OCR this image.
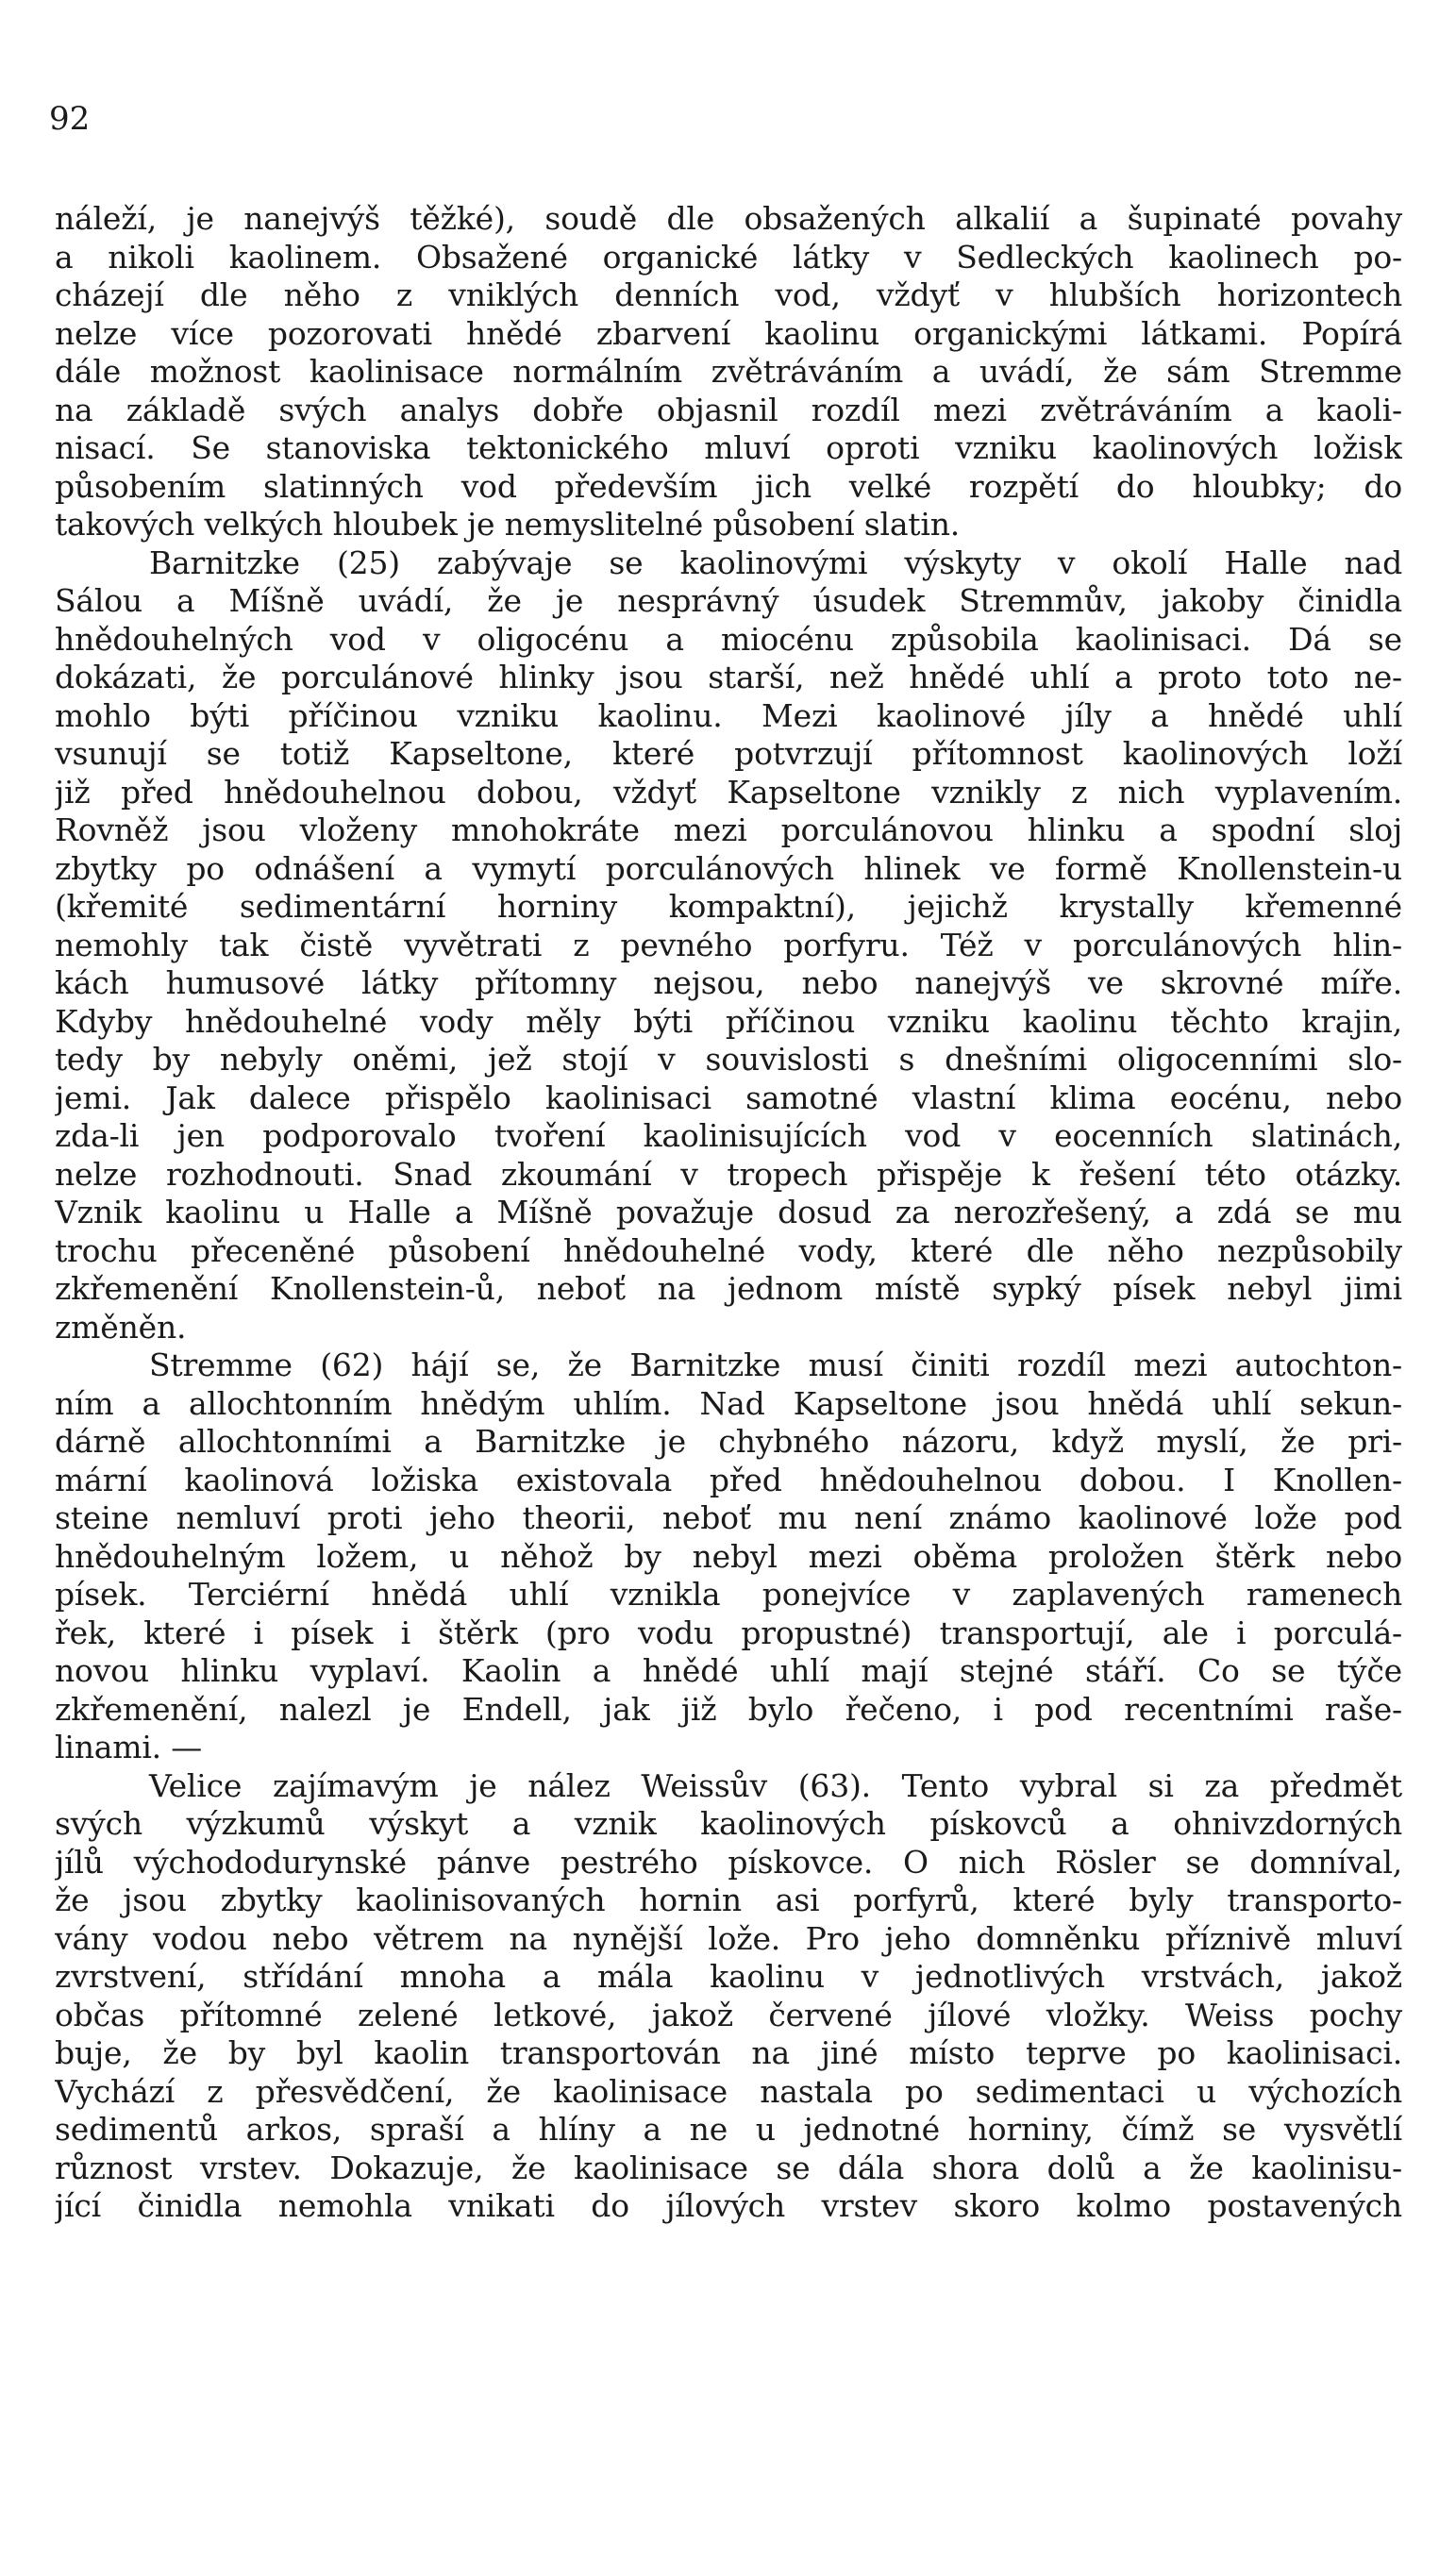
92
náleží, je nanejvýš těžké), soudě dle obsažených alkalií a šupinaté povahy
a nikoli kaolinem. Obsažené organické látky v Sedleckých kaolinech po-
cházejí dle něho z vniklých denních vod, vždyť v hlubších horizontech
nelze více pozorovati hnědé zbarvení kaolinu organickými látkami. Popírá
dále možnost kaolinisace normálním zvětráváním a uvádí, že sám Stremme
na základě svých analys dobře objasnil rozdíl mezi zvětráváním a kaoli-
nisací. Se stanoviska tektonického mluví oproti vzniku kaolinových ložisk
působením slatinných vod především jich velké rozpětí do hloubky; do
takových velkých hloubek je nemyslitelné působení slatin.
Barnitzke (25) zabývaje se kaolinovými výskyty v okolí Halle nad
Sálou a Míšně uvádí, že je nesprávný úsudek Stremmův, jakoby činidla
hnědouhelných vod v oligocénu a miocénu způsobila kaolinisaci. Dá se
dokázati, že porculánové hlinky jsou starší, než hnědé uhlí a proto toto ne-
mohlo býti příčinou vzniku kaolinu. Mezi kaolinové jíly a hnědé uhlí
vsunují se totiž Kapseltone, které potvrzují přítomnost kaolinových loží
již před hnědouhelnou dobou, vždyť Kapseltone vznikly z nich vyplavením.
Rovněž jsou vloženy mnohokráte mezi porculánovou hlinku a spodní sloj
zbytky po odnášení a vymytí porculánových hlinek ve formě Knollenstein-u
(křemité sedimentární horniny kompaktní), jejichž krystally křemenné
nemohly tak čistě vyvětrati z pevného porfyru. Též v porculánových hlin-
kách humusové látky přítomny nejsou, nebo nanejvýš ve skrovné míře.
Kdyby hnědouhelné vody měly býti příčinou vzniku kaolinu těchto krajin,
tedy by nebyly oněmi, jež stojí v souvislosti s dnešními oligocenními slo-
jemi. Jak dalece přispělo kaolinisaci samotné vlastní klima eocénu, nebo
zda-li jen podporovalo tvoření kaolinisujících vod v eocenních slatinách,
nelze rozhodnouti. Snad zkoumání v tropech přispěje k řešení této otázky.
Vznik kaolinu u Halle a Míšně považuje dosud za nerozřešený, a zdá se mu
trochu přeceněné působení hnědouhelné vody, které dle něho nezpůsobily
zkřemenění Knollenstein-ů, neboť na jednom místě sypký písek nebyl jimi
změněn.
Stremme (62) hájí se, že Barnitzke musí činiti rozdíl mezi autochton-
ním a allochtonním hnědým uhlím. Nad Kapseltone jsou hnědá uhlí sekun-
dárně allochtonními a Barnitzke je chybného názoru, když myslí, že pri-
mární kaolinová ložiska existovala před hnědouhelnou dobou. I Knollen-
steine nemluví proti jeho theorii, neboť mu není známo kaolinové lože pod
hnědouhelným ložem, u něhož by nebyl mezi oběma proložen štěrk nebo
písek. Terciérní hnědá uhlí vznikla ponejvíce v zaplavených ramenech
řek, které i písek i štěrk (pro vodu propustné) transportují, ale i porculá-
novou hlinku vyplaví. Kaolin a hnědé uhlí mají stejné stáří. Co se týče
zkřemenění, nalezl je Endell, jak již bylo řečeno, i pod recentními raše-
linami. —
Velice zajímavým je nález Weissův (63). Tento vybral si za předmět
svých výzkumů výskyt a vznik kaolinových pískovců a ohnivzdorných
jílů východodurynské pánve pestrého pískovce. O nich Rösler se domníval,
že jsou zbytky kaolinisovaných hornin asi porfyrů, které byly transporto-
vány vodou nebo větrem na nynější lože. Pro jeho domněnku příznivě mluví
zvrstvení, střídání mnoha a mála kaolinu v jednotlivých vrstvách, jakož
občas přítomné zelené letkové, jakož červené jílové vložky. Weiss pochy
buje, že by byl kaolin transportován na jiné místo teprve po kaolinisaci.
Vychází z přesvědčení, že kaolinisace nastala po sedimentaci u výchozích
sedimentů arkos, spraší a hlíny a ne u jednotné horniny, čímž se vysvětlí
různost vrstev. Dokazuje, že kaolinisace se dála shora dolů a že kaolinisu-
jící činidla nemohla vnikati do jílových vrstev skoro kolmo postavených
